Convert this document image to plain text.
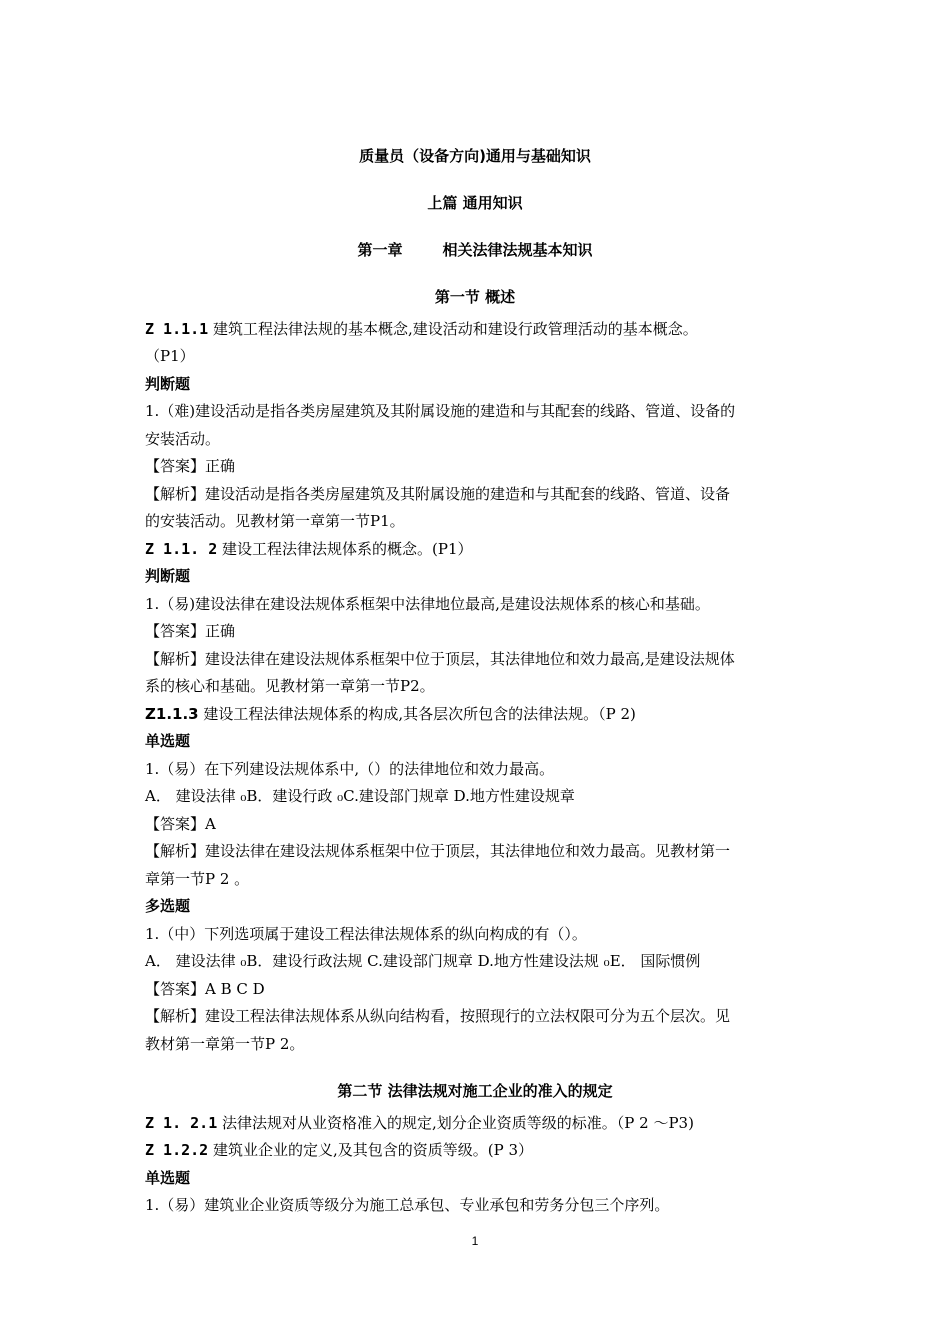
质量员（设备方向)通用与基础知识
上篇 通用知识
第一章	相关法律法规基本知识
第一节 概述
Z 1.1.1 建筑工程法律法规的基本概念,建设活动和建设行政管理活动的基本概念。
（P1）
判断题
1.（难)建设活动是指各类房屋建筑及其附属设施的建造和与其配套的线路、管道、设备的
安装活动。
【答案】正确
【解析】建设活动是指各类房屋建筑及其附属设施的建造和与其配套的线路、管道、设备
的安装活动。见教材第一章第一节P1。
Z 1.1. 2 建设工程法律法规体系的概念。(P1）
判断题
1.（易)建设法律在建设法规体系框架中法律地位最高,是建设法规体系的核心和基础。
【答案】正确
【解析】建设法律在建设法规体系框架中位于顶层，其法律地位和效力最高,是建设法规体
系的核心和基础。见教材第一章第一节P2。
Z1.1.3 建设工程法律法规体系的构成,其各层次所包含的法律法规。（P 2)
单选题
1.（易）在下列建设法规体系中,（）的法律地位和效力最高。
A． 建设法律 ₀B．建设行政 ₀C.建设部门规章 D.地方性建设规章
【答案】A
【解析】建设法律在建设法规体系框架中位于顶层，其法律地位和效力最高。见教材第一
章第一节P 2 。
多选题
1.（中）下列选项属于建设工程法律法规体系的纵向构成的有（）。
A． 建设法律 ₀B．建设行政法规 C.建设部门规章 D.地方性建设法规 ₀E． 国际惯例
【答案】A B C D
【解析】建设工程法律法规体系从纵向结构看，按照现行的立法权限可分为五个层次。见
教材第一章第一节P 2。
第二节 法律法规对施工企业的准入的规定
Z 1. 2.1 法律法规对从业资格准入的规定,划分企业资质等级的标准。（P 2 ～P3)
Z 1.2.2 建筑业企业的定义,及其包含的资质等级。(P 3）
单选题
1.（易）建筑业企业资质等级分为施工总承包、专业承包和劳务分包三个序列。
1
